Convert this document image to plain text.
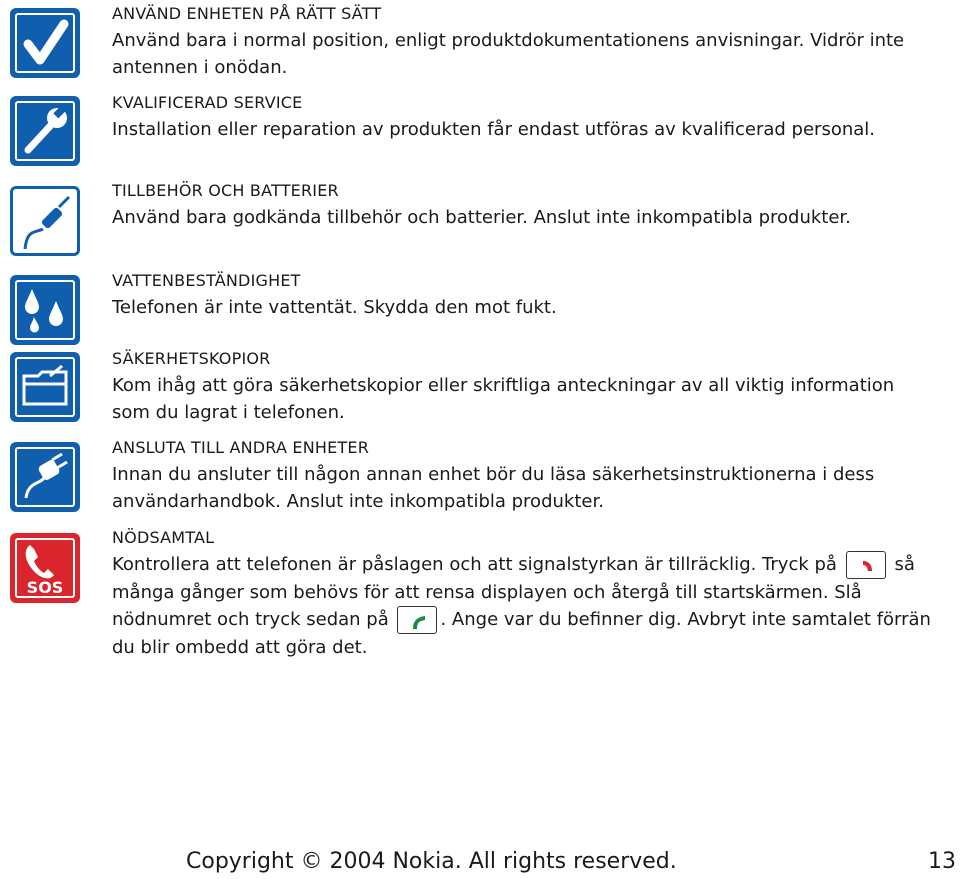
SOS
ANVÄND ENHETEN PÅ RÄTT SÄTT
Använd bara i normal position, enligt produktdokumentationens anvisningar. Vidrör inte antennen i onödan.
KVALIFICERAD SERVICE
Installation eller reparation av produkten får endast utföras av kvalificerad personal.
TILLBEHÖR OCH BATTERIER
Använd bara godkända tillbehör och batterier. Anslut inte inkompatibla produkter.
VATTENBESTÄNDIGHET
Telefonen är inte vattentät. Skydda den mot fukt.
SÄKERHETSKOPIOR
Kom ihåg att göra säkerhetskopior eller skriftliga anteckningar av all viktig information som du lagrat i telefonen.
ANSLUTA TILL ANDRA ENHETER
Innan du ansluter till någon annan enhet bör du läsa säkerhetsinstruktionerna i dess användarhandbok. Anslut inte inkompatibla produkter.
NÖDSAMTAL
Kontrollera att telefonen är påslagen och att signalstyrkan är tillräcklig. Tryck på	så många gånger som behövs för att rensa displayen och återgå till startskärmen. Slå nödnumret och tryck sedan på	. Ange var du befinner dig. Avbryt inte samtalet förrän du blir ombedd att göra det.
Copyright © 2004 Nokia. All rights reserved.	13
